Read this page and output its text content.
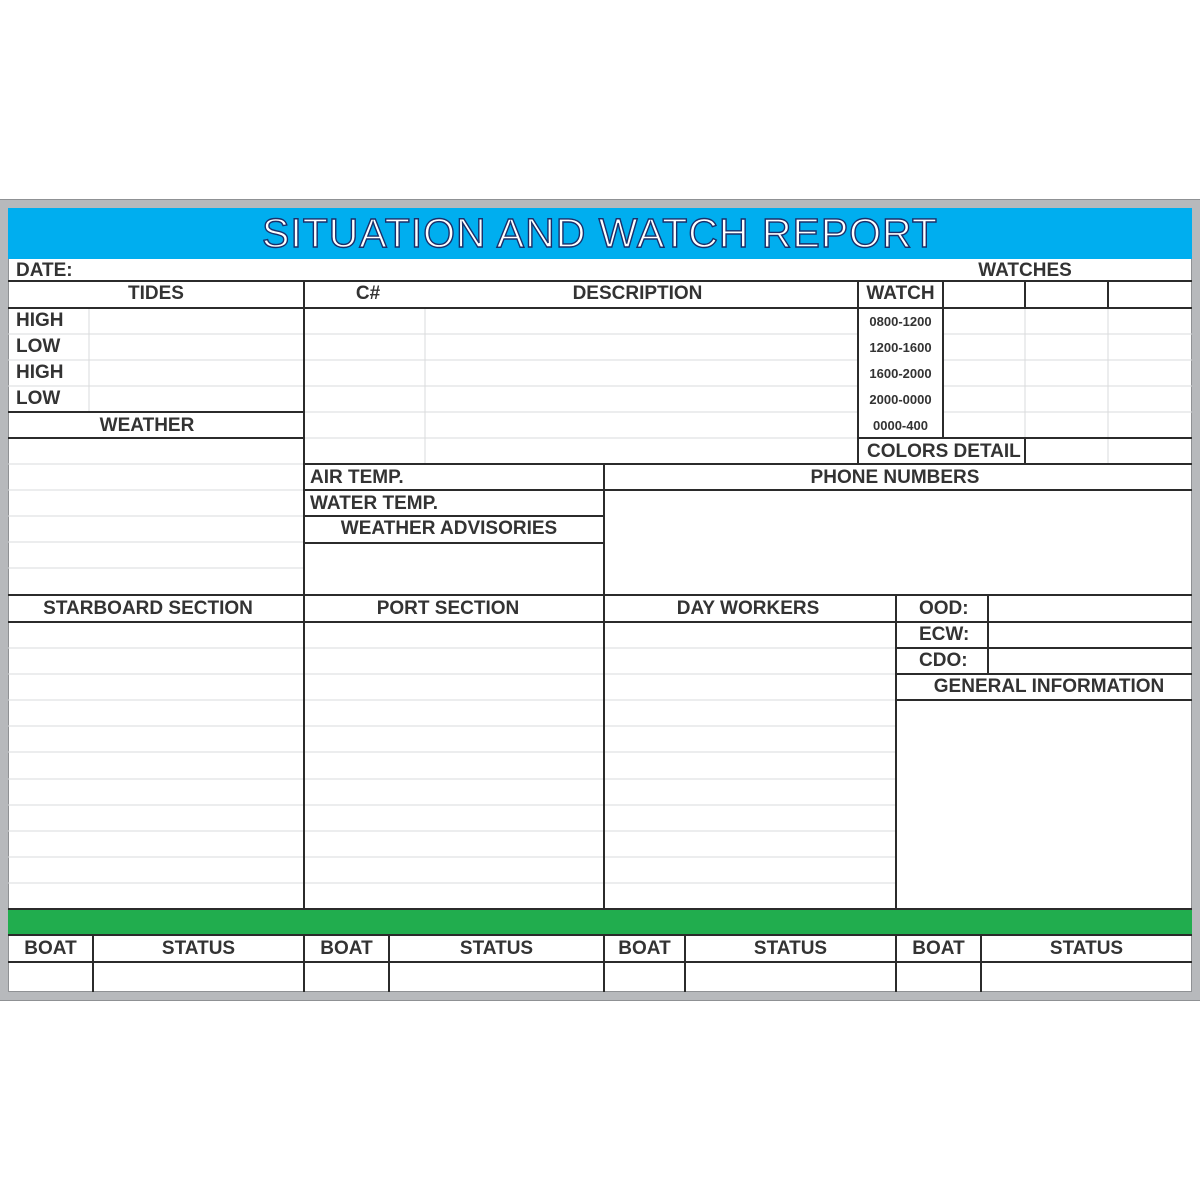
SITUATION AND WATCH REPORT
DATE:	WATCHES
TIDES
HIGH
LOW
HIGH
LOW
WEATHER
C#	DESCRIPTION	WATCH
0800-1200
1200-1600
1600-2000
2000-0000
0000-400
COLORS DETAIL
AIR TEMP.
WATER TEMP.
WEATHER ADVISORIES
PHONE NUMBERS
STARBOARD SECTION	PORT SECTION	DAY WORKERS	OOD:
ECW:
CDO:
GENERAL INFORMATION
BOAT	STATUS	BOAT	STATUS	BOAT	STATUS	BOAT	STATUS
